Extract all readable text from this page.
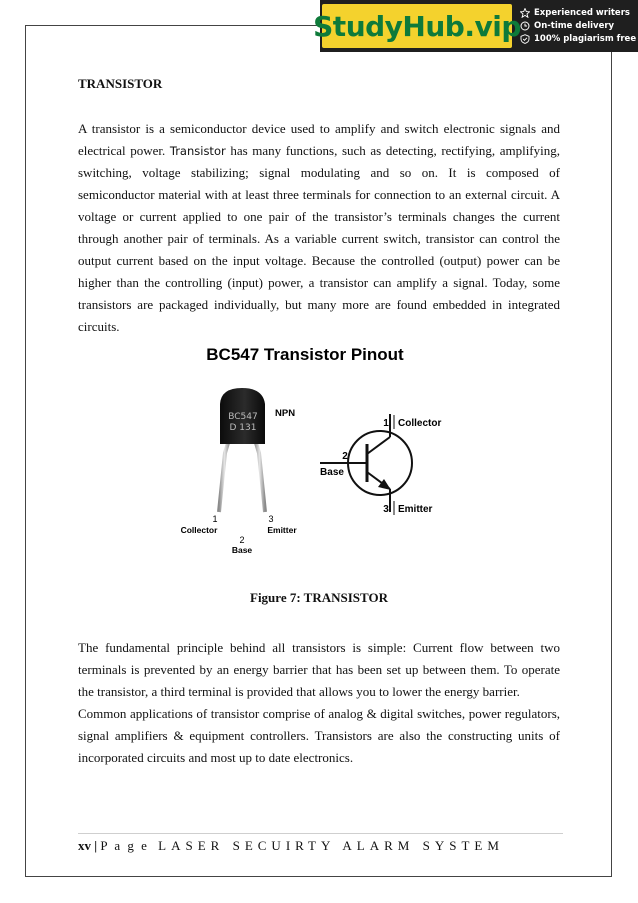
StudyHub.vip Experienced writers
On-time delivery
100% plagiarism free
TRANSISTOR

A transistor is a semiconductor device used to amplify and switch electronic signals and electrical power. Transistor has many functions, such as detecting, rectifying, amplifying, switching, voltage stabilizing; signal modulating and so on. It is composed of semiconductor material with at least three terminals for connection to an external circuit. A voltage or current applied to one pair of the transistor’s terminals changes the current through another pair of terminals. As a variable current switch, transistor can control the output current based on the input voltage. Because the controlled (output) power can be higher than the controlling (input) power, a transistor can amplify a signal. Today, some transistors are packaged individually, but many more are found embedded in integrated circuits.

BC547 Transistor Pinout
BC547
D 131
NPN
1
Collector
2
Base
3
Emitter
1 Collector
2
Base
3 Emitter
Figure 7: TRANSISTOR

The fundamental principle behind all transistors is simple: Current flow between two terminals is prevented by an energy barrier that has been set up between them. To operate the transistor, a third terminal is provided that allows you to lower the energy barrier.

Common applications of transistor comprise of analog & digital switches, power regulators, signal amplifiers & equipment controllers. Transistors are also the constructing units of incorporated circuits and most up to date electronics.

xv | P a g e LASER SECUIRTY ALARM SYSTEM
